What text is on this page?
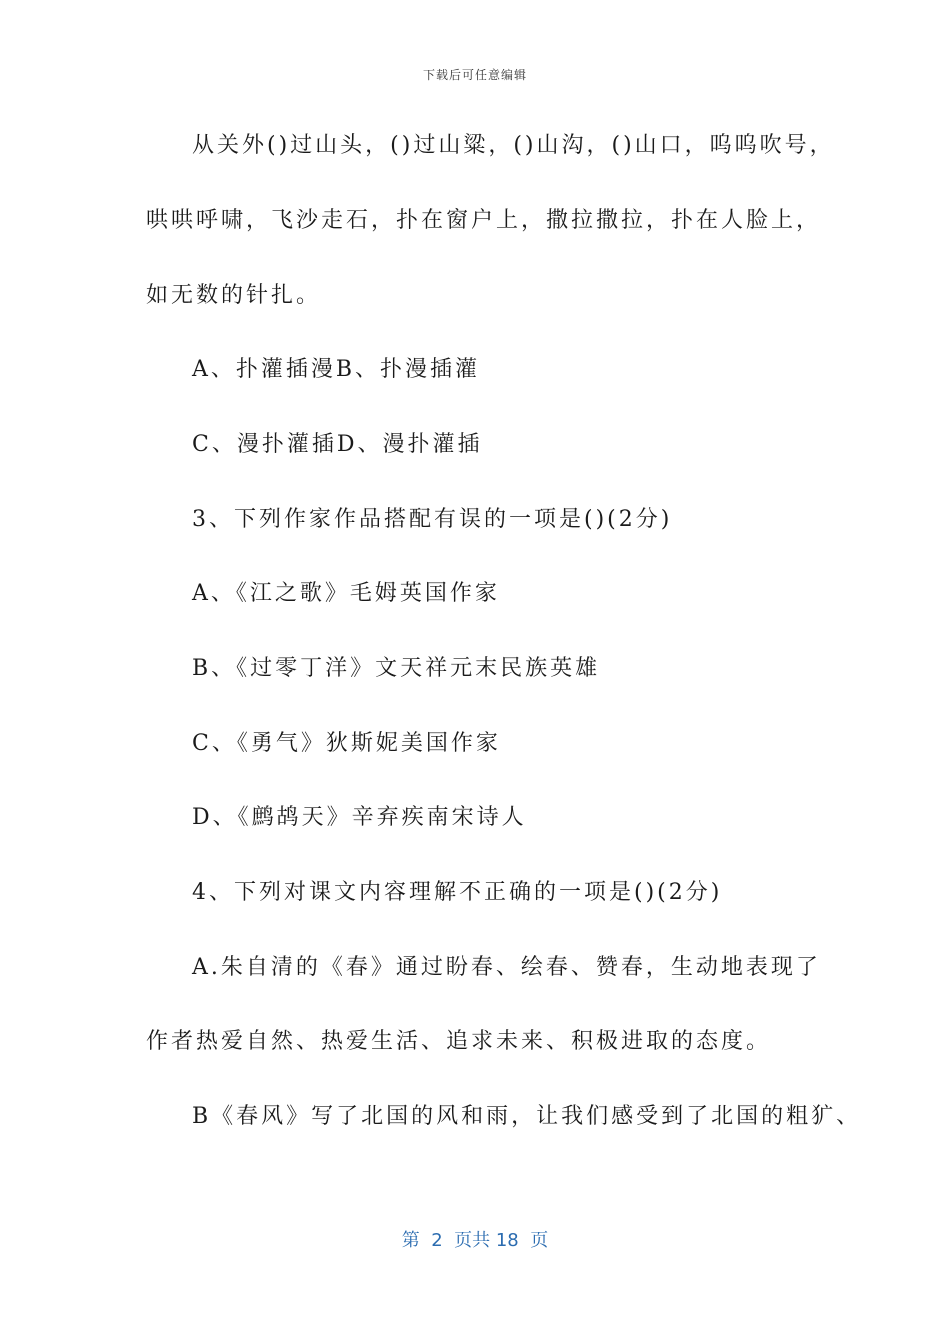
下载后可任意编辑
从关外()过山头，()过山粱，()山沟，()山口，呜呜吹号，
哄哄呼啸，飞沙走石，扑在窗户上，撒拉撒拉，扑在人脸上，
如无数的针扎。
A、扑灌插漫B、扑漫插灌
C、漫扑灌插D、漫扑灌插
3、下列作家作品搭配有误的一项是()(2分)
A、《江之歌》毛姆英国作家
B、《过零丁洋》文天祥元末民族英雄
C、《勇气》狄斯妮美国作家
D、《鹧鸪天》辛弃疾南宋诗人
4、下列对课文内容理解不正确的一项是()(2分)
A.朱自清的《春》通过盼春、绘春、赞春，生动地表现了
作者热爱自然、热爱生活、追求未来、积极进取的态度。
B《春风》写了北国的风和雨，让我们感受到了北国的粗犷、
第  2  页共 18  页
